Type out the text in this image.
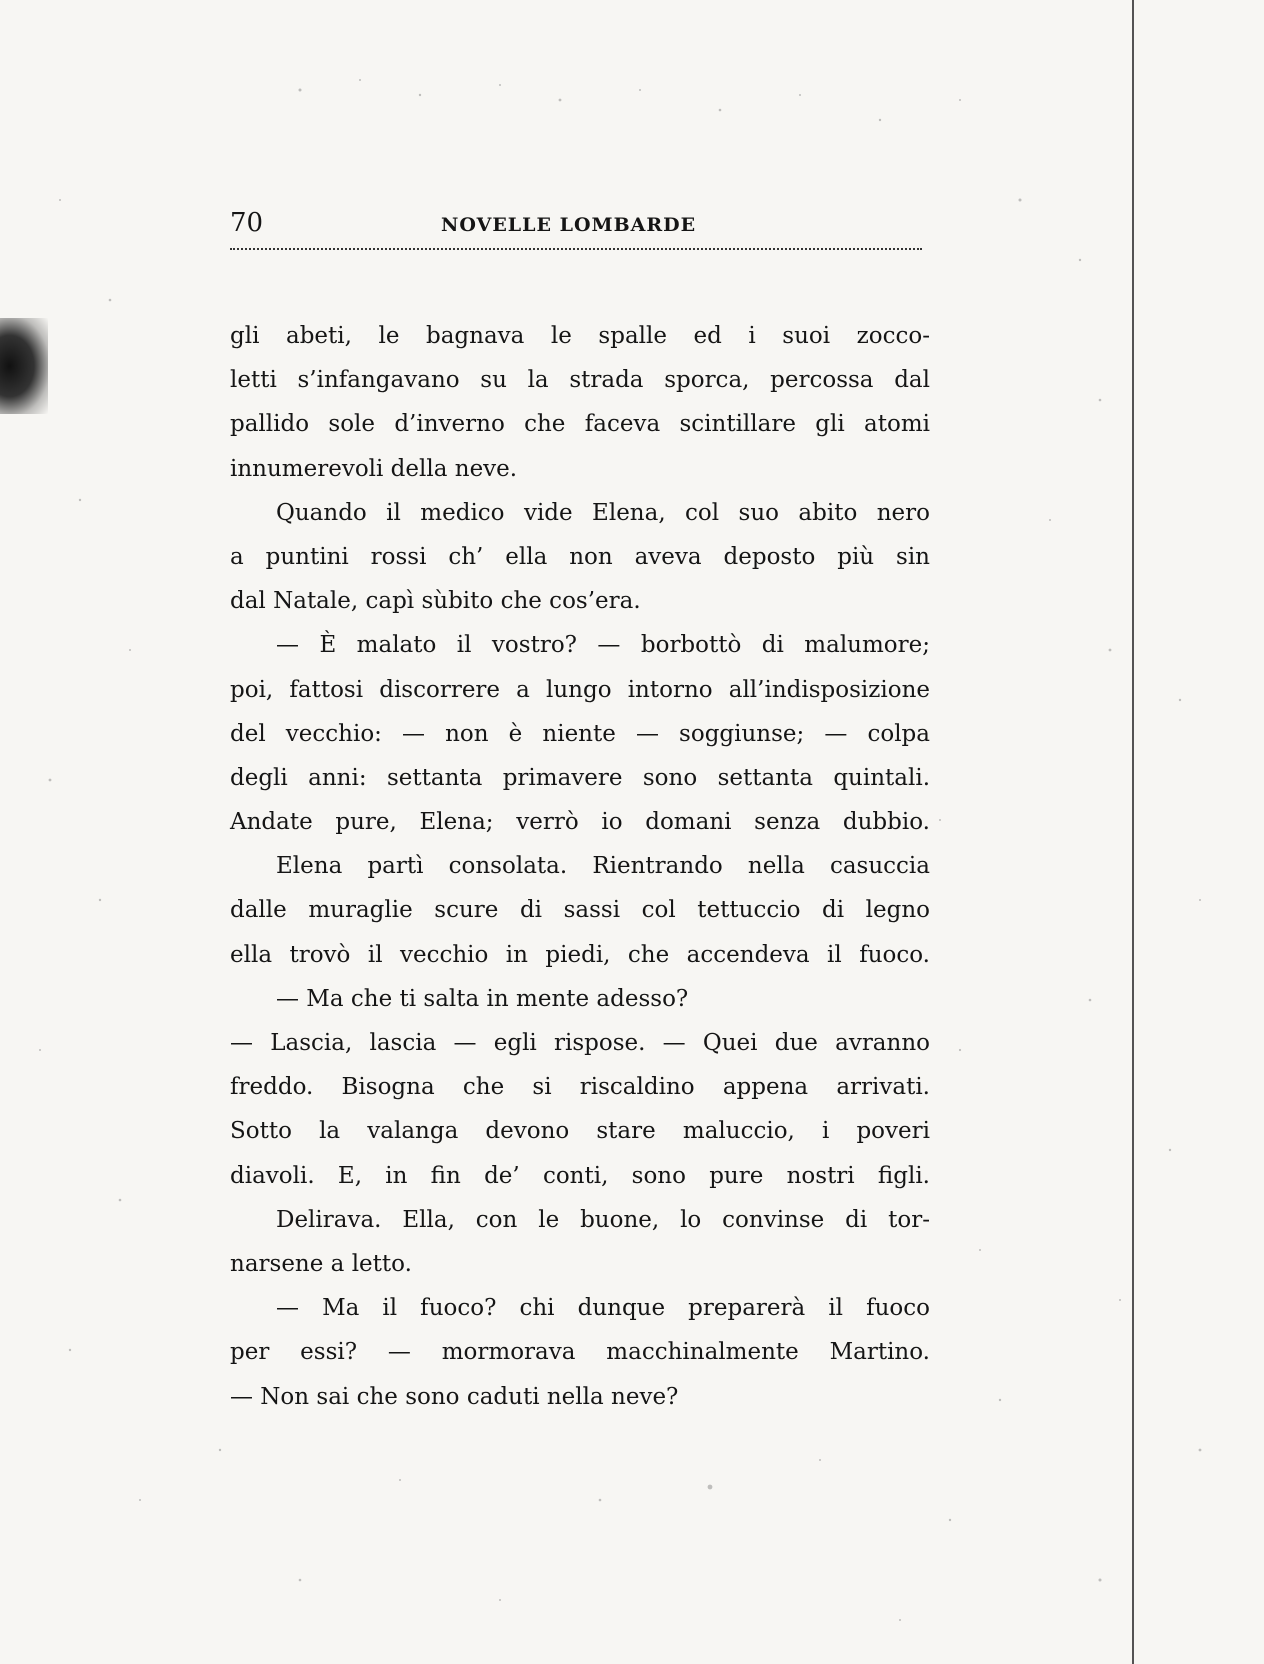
70	NOVELLE LOMBARDE
gli abeti, le bagnava le spalle ed i suoi zocco-
letti s’infangavano su la strada sporca, percossa dal
pallido sole d’inverno che faceva scintillare gli atomi
innumerevoli della neve.
Quando il medico vide Elena, col suo abito nero
a puntini rossi ch’ ella non aveva deposto più sin
dal Natale, capì sùbito che cos’era.
— È malato il vostro? — borbottò di malumore;
poi, fattosi discorrere a lungo intorno all’indisposizione
del vecchio: — non è niente — soggiunse; — colpa
degli anni: settanta primavere sono settanta quintali.
Andate pure, Elena; verrò io domani senza dubbio.
Elena partì consolata. Rientrando nella casuccia
dalle muraglie scure di sassi col tettuccio di legno
ella trovò il vecchio in piedi, che accendeva il fuoco.
— Ma che ti salta in mente adesso?
— Lascia, lascia — egli rispose. — Quei due avranno
freddo. Bisogna che si riscaldino appena arrivati.
Sotto la valanga devono stare maluccio, i poveri
diavoli. E, in fin de’ conti, sono pure nostri figli.
Delirava. Ella, con le buone, lo convinse di tor-
narsene a letto.
— Ma il fuoco? chi dunque preparerà il fuoco
per essi? — mormorava macchinalmente Martino.
— Non sai che sono caduti nella neve?
